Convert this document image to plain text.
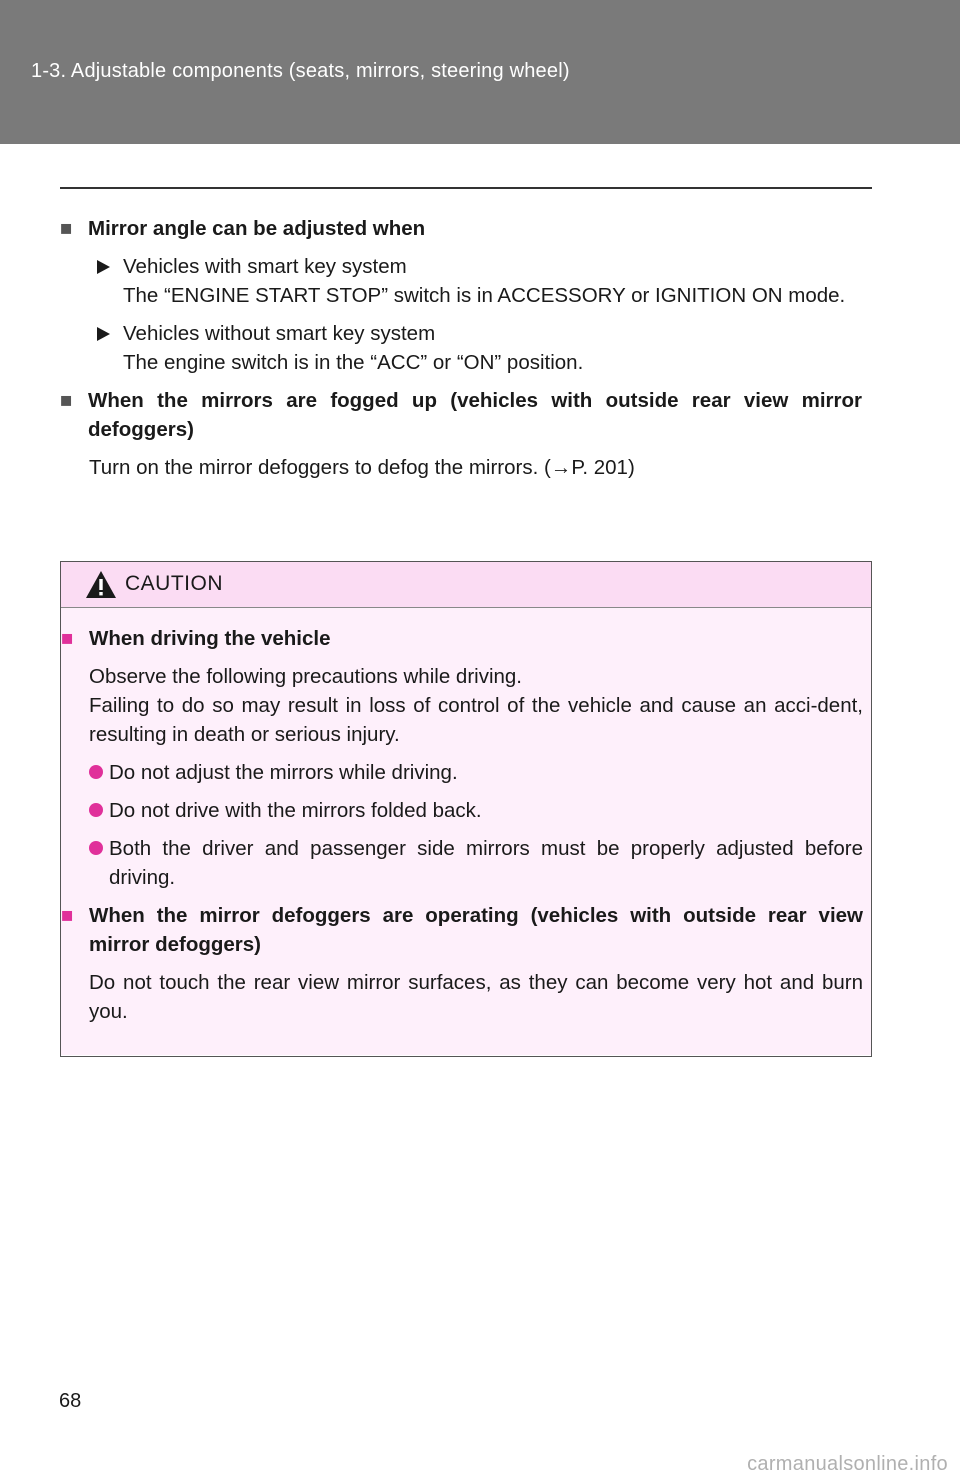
1-3. Adjustable components (seats, mirrors, steering wheel)
■ Mirror angle can be adjusted when
Vehicles with smart key system
The “ENGINE START STOP” switch is in ACCESSORY or IGNITION ON mode.
Vehicles without smart key system
The engine switch is in the “ACC” or “ON” position.
■ When the mirrors are fogged up (vehicles with outside rear view mirror defoggers)
Turn on the mirror defoggers to defog the mirrors. (→P. 201)
CAUTION
■ When driving the vehicle
Observe the following precautions while driving.
Failing to do so may result in loss of control of the vehicle and cause an acci-dent, resulting in death or serious injury.
Do not adjust the mirrors while driving.
Do not drive with the mirrors folded back.
Both the driver and passenger side mirrors must be properly adjusted before driving.
■ When the mirror defoggers are operating (vehicles with outside rear view mirror defoggers)
Do not touch the rear view mirror surfaces, as they can become very hot and burn you.
68
carmanualsonline.info
